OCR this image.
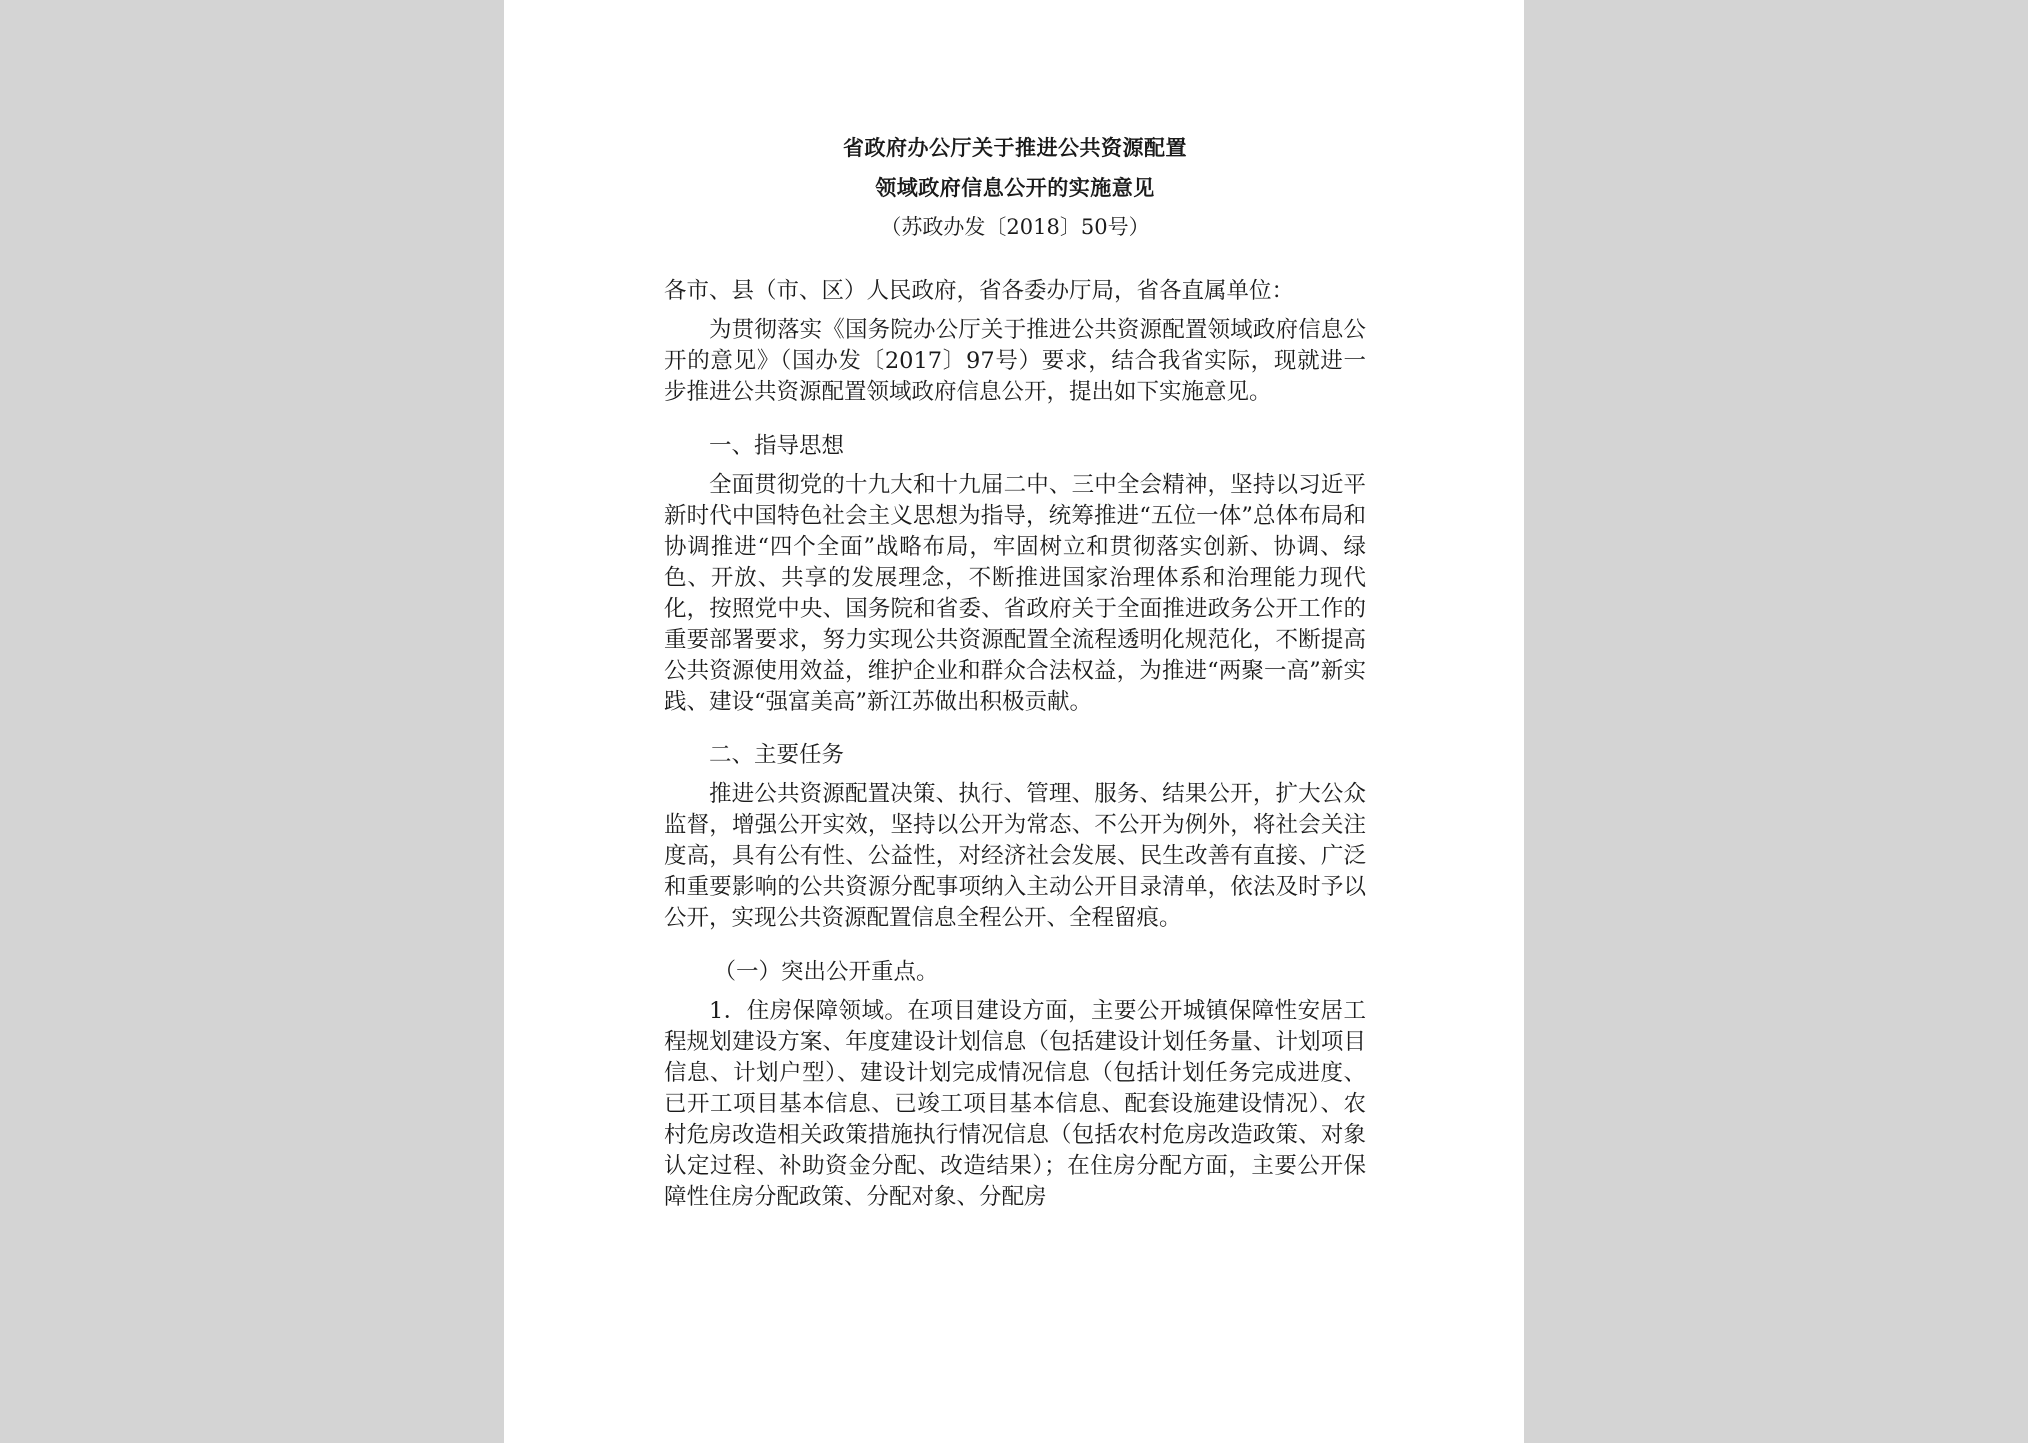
省政府办公厅关于推进公共资源配置

领域政府信息公开的实施意见

（苏政办发〔2018〕50号）

各市、县（市、区）人民政府，省各委办厅局，省各直属单位：

为贯彻落实《国务院办公厅关于推进公共资源配置领域政府信息公开的意见》（国办发〔2017〕97号）要求，结合我省实际，现就进一步推进公共资源配置领域政府信息公开，提出如下实施意见。

一、指导思想

全面贯彻党的十九大和十九届二中、三中全会精神，坚持以习近平新时代中国特色社会主义思想为指导，统筹推进“五位一体”总体布局和协调推进“四个全面”战略布局，牢固树立和贯彻落实创新、协调、绿色、开放、共享的发展理念，不断推进国家治理体系和治理能力现代化，按照党中央、国务院和省委、省政府关于全面推进政务公开工作的重要部署要求，努力实现公共资源配置全流程透明化规范化，不断提高公共资源使用效益，维护企业和群众合法权益，为推进“两聚一高”新实践、建设“强富美高”新江苏做出积极贡献。

二、主要任务

推进公共资源配置决策、执行、管理、服务、结果公开，扩大公众监督，增强公开实效，坚持以公开为常态、不公开为例外，将社会关注度高，具有公有性、公益性，对经济社会发展、民生改善有直接、广泛和重要影响的公共资源分配事项纳入主动公开目录清单，依法及时予以公开，实现公共资源配置信息全程公开、全程留痕。

（一）突出公开重点。

1．住房保障领域。在项目建设方面，主要公开城镇保障性安居工程规划建设方案、年度建设计划信息（包括建设计划任务量、计划项目信息、计划户型）、建设计划完成情况信息（包括计划任务完成进度、已开工项目基本信息、已竣工项目基本信息、配套设施建设情况）、农村危房改造相关政策措施执行情况信息（包括农村危房改造政策、对象认定过程、补助资金分配、改造结果）；在住房分配方面，主要公开保障性住房分配政策、分配对象、分配房
